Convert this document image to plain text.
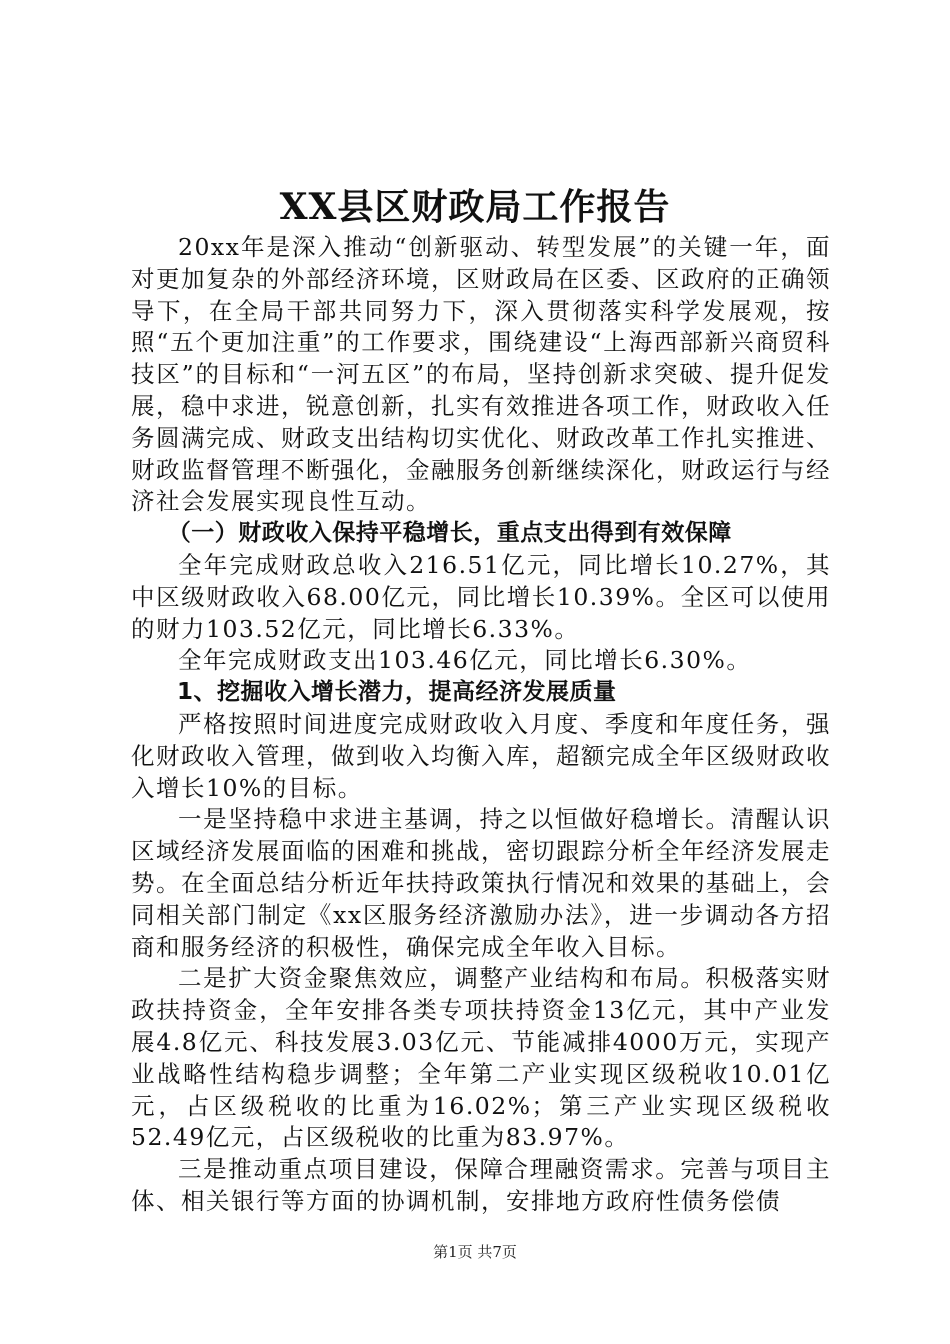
XX县区财政局工作报告

20xx年是深入推动“创新驱动、转型发展”的关键一年，面对更加复杂的外部经济环境，区财政局在区委、区政府的正确领导下，在全局干部共同努力下，深入贯彻落实科学发展观，按照“五个更加注重”的工作要求，围绕建设“上海西部新兴商贸科技区”的目标和“一河五区”的布局，坚持创新求突破、提升促发展，稳中求进，锐意创新，扎实有效推进各项工作，财政收入任务圆满完成、财政支出结构切实优化、财政改革工作扎实推进、财政监督管理不断强化，金融服务创新继续深化，财政运行与经济社会发展实现良性互动。

（一）财政收入保持平稳增长，重点支出得到有效保障

全年完成财政总收入216.51亿元，同比增长10.27%，其中区级财政收入68.00亿元，同比增长10.39%。全区可以使用的财力103.52亿元，同比增长6.33%。

全年完成财政支出103.46亿元，同比增长6.30%。

1、挖掘收入增长潜力，提高经济发展质量

严格按照时间进度完成财政收入月度、季度和年度任务，强化财政收入管理，做到收入均衡入库，超额完成全年区级财政收入增长10%的目标。

一是坚持稳中求进主基调，持之以恒做好稳增长。清醒认识区域经济发展面临的困难和挑战，密切跟踪分析全年经济发展走势。在全面总结分析近年扶持政策执行情况和效果的基础上，会同相关部门制定《xx区服务经济激励办法》，进一步调动各方招商和服务经济的积极性，确保完成全年收入目标。

二是扩大资金聚焦效应，调整产业结构和布局。积极落实财政扶持资金，全年安排各类专项扶持资金13亿元，其中产业发展4.8亿元、科技发展3.03亿元、节能减排4000万元，实现产业战略性结构稳步调整；全年第二产业实现区级税收10.01亿元，占区级税收的比重为16.02%；第三产业实现区级税收52.49亿元，占区级税收的比重为83.97%。

三是推动重点项目建设，保障合理融资需求。完善与项目主体、相关银行等方面的协调机制，安排地方政府性债务偿债

第1页 共7页
